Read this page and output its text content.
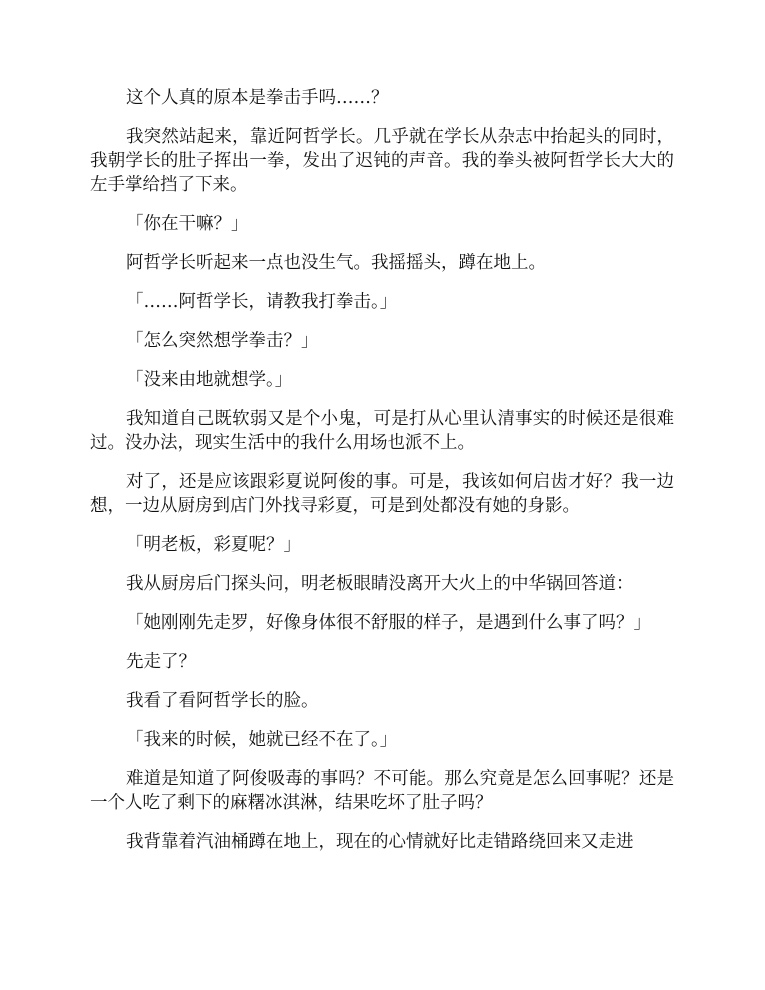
这个人真的原本是拳击手吗……？

我突然站起来，靠近阿哲学长。几乎就在学长从杂志中抬起头的同时，我朝学长的肚子挥出一拳，发出了迟钝的声音。我的拳头被阿哲学长大大的左手掌给挡了下来。

「你在干嘛？」

阿哲学长听起来一点也没生气。我摇摇头，蹲在地上。

「……阿哲学长，请教我打拳击。」

「怎么突然想学拳击？」

「没来由地就想学。」

我知道自己既软弱又是个小鬼，可是打从心里认清事实的时候还是很难过。没办法，现实生活中的我什么用场也派不上。

对了，还是应该跟彩夏说阿俊的事。可是，我该如何启齿才好？我一边想，一边从厨房到店门外找寻彩夏，可是到处都没有她的身影。

「明老板，彩夏呢？」

我从厨房后门探头问，明老板眼睛没离开大火上的中华锅回答道：

「她刚刚先走罗，好像身体很不舒服的样子，是遇到什么事了吗？」

先走了？

我看了看阿哲学长的脸。

「我来的时候，她就已经不在了。」

难道是知道了阿俊吸毒的事吗？不可能。那么究竟是怎么回事呢？还是一个人吃了剩下的麻糬冰淇淋，结果吃坏了肚子吗？

我背靠着汽油桶蹲在地上，现在的心情就好比走错路绕回来又走进
